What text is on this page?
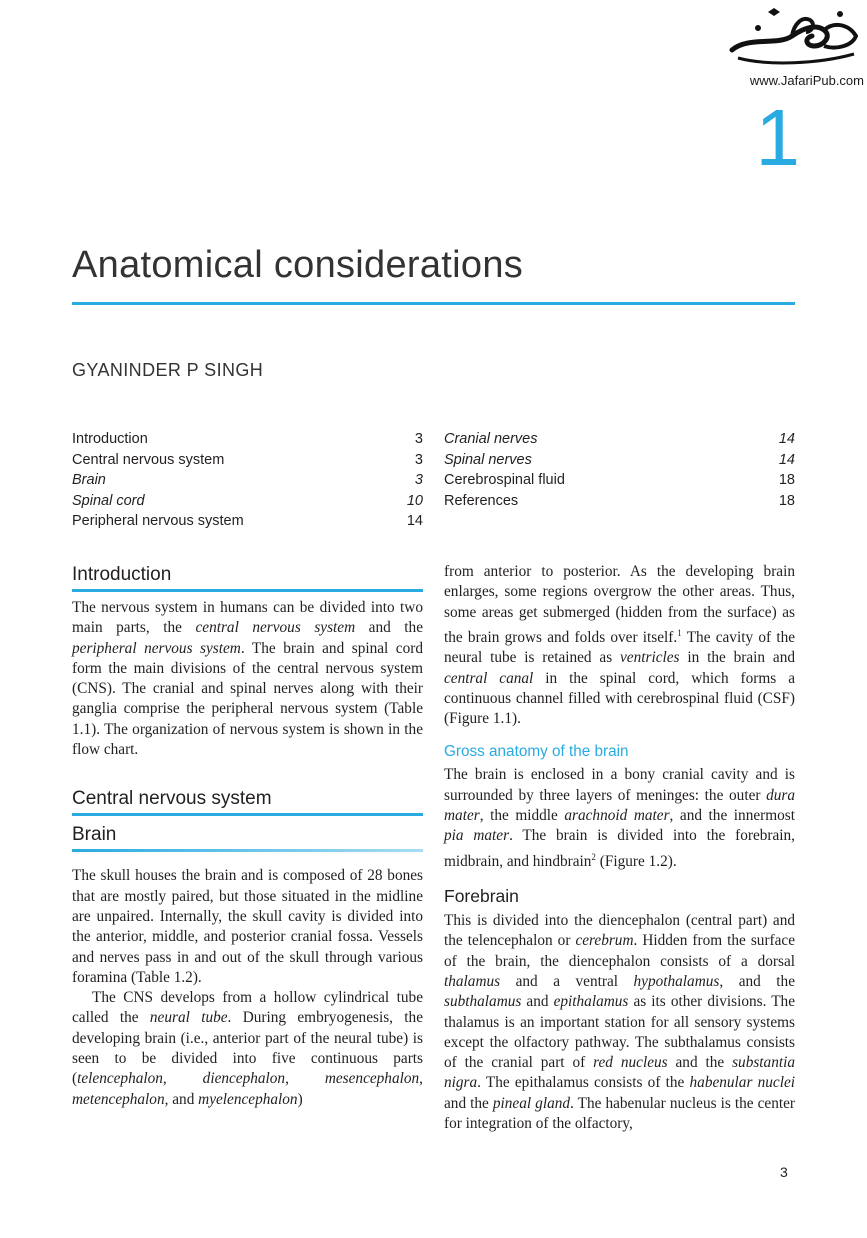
www.JafariPub.com
1
Anatomical considerations
GYANINDER P SINGH
Introduction	3
Central nervous system	3
Brain	3
Spinal cord	10
Peripheral nervous system	14
Cranial nerves	14
Spinal nerves	14
Cerebrospinal fluid	18
References	18
Introduction

The nervous system in humans can be divided into two main parts, the central nervous system and the peripheral nervous system. The brain and spinal cord form the main divisions of the central nervous system (CNS). The cranial and spinal nerves along with their ganglia comprise the peripheral nervous system (Table 1.1). The organization of nervous system is shown in the flow chart.

Central nervous system
Brain

The skull houses the brain and is composed of 28 bones that are mostly paired, but those situated in the midline are unpaired. Internally, the skull cavity is divided into the anterior, middle, and posterior cranial fossa. Vessels and nerves pass in and out of the skull through various foramina (Table 1.2).

The CNS develops from a hollow cylindrical tube called the neural tube. During embryogenesis, the developing brain (i.e., anterior part of the neural tube) is seen to be divided into five continuous parts (telencephalon, diencephalon, mesencephalon, metencephalon, and myelencephalon)

from anterior to posterior. As the developing brain enlarges, some regions overgrow the other areas. Thus, some areas get submerged (hidden from the surface) as the brain grows and folds over itself.$^1$ The cavity of the neural tube is retained as ventricles in the brain and central canal in the spinal cord, which forms a continuous channel filled with cerebrospinal fluid (CSF) (Figure 1.1).

Gross anatomy of the brain

The brain is enclosed in a bony cranial cavity and is surrounded by three layers of meninges: the outer dura mater, the middle arachnoid mater, and the innermost pia mater. The brain is divided into the forebrain, midbrain, and hindbrain$^2$ (Figure 1.2).

Forebrain

This is divided into the diencephalon (central part) and the telencephalon or cerebrum. Hidden from the surface of the brain, the diencephalon consists of a dorsal thalamus and a ventral hypothalamus, and the subthalamus and epithalamus as its other divisions. The thalamus is an important station for all sensory systems except the olfactory pathway. The subthalamus consists of the cranial part of red nucleus and the substantia nigra. The epithalamus consists of the habenular nuclei and the pineal gland. The habenular nucleus is the center for integration of the olfactory,

3
